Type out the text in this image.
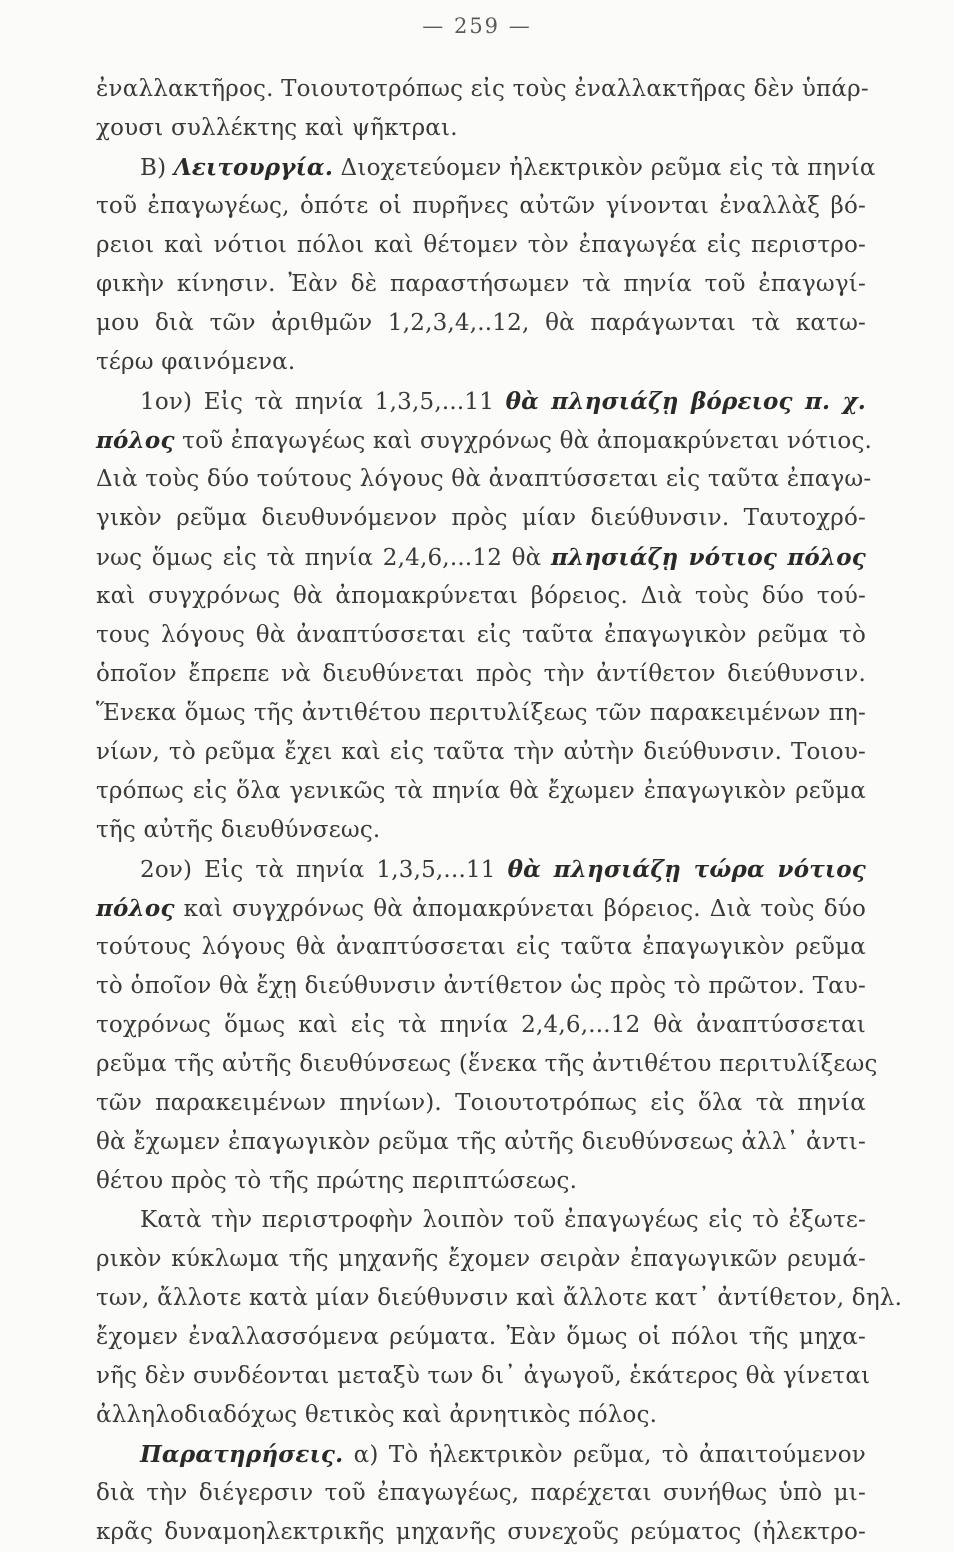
— 259 —
ἐναλλακτῆρος. Τοιουτοτρόπως εἰς τοὺς ἐναλλακτῆρας δὲν ὑπάρ-
χουσι συλλέκτης καὶ ψῆκτραι.
Β) Λειτουργία. Διοχετεύομεν ἠλεκτρικὸν ρεῦμα εἰς τὰ πηνία
τοῦ ἐπαγωγέως, ὁπότε οἱ πυρῆνες αὐτῶν γίνονται ἐναλλὰξ βό-
ρειοι καὶ νότιοι πόλοι καὶ θέτομεν τὸν ἐπαγωγέα εἰς περιστρο-
φικὴν κίνησιν. Ἐὰν δὲ παραστήσωμεν τὰ πηνία τοῦ ἐπαγωγί-
μου διὰ τῶν ἀριθμῶν 1,2,3,4,..12, θὰ παράγωνται τὰ κατω-
τέρω φαινόμενα.
1ον) Εἰς τὰ πηνία 1,3,5,...11 θὰ πλησιάζῃ βόρειος π. χ.
πόλος τοῦ ἐπαγωγέως καὶ συγχρόνως θὰ ἀπομακρύνεται νότιος.
Διὰ τοὺς δύο τούτους λόγους θὰ ἀναπτύσσεται εἰς ταῦτα ἐπαγω-
γικὸν ρεῦμα διευθυνόμενον πρὸς μίαν διεύθυνσιν. Ταυτοχρό-
νως ὅμως εἰς τὰ πηνία 2,4,6,...12 θὰ πλησιάζῃ νότιος πόλος
καὶ συγχρόνως θὰ ἀπομακρύνεται βόρειος. Διὰ τοὺς δύο τού-
τους λόγους θὰ ἀναπτύσσεται εἰς ταῦτα ἐπαγωγικὸν ρεῦμα τὸ
ὁποῖον ἔπρεπε νὰ διευθύνεται πρὸς τὴν ἀντίθετον διεύθυνσιν.
Ἕνεκα ὅμως τῆς ἀντιθέτου περιτυλίξεως τῶν παρακειμένων πη-
νίων, τὸ ρεῦμα ἔχει καὶ εἰς ταῦτα τὴν αὐτὴν διεύθυνσιν. Τοιου-
τρόπως εἰς ὅλα γενικῶς τὰ πηνία θὰ ἔχωμεν ἐπαγωγικὸν ρεῦμα
τῆς αὐτῆς διευθύνσεως.
2ον) Εἰς τὰ πηνία 1,3,5,...11 θὰ πλησιάζῃ τώρα νότιος
πόλος καὶ συγχρόνως θὰ ἀπομακρύνεται βόρειος. Διὰ τοὺς δύο
τούτους λόγους θὰ ἀναπτύσσεται εἰς ταῦτα ἐπαγωγικὸν ρεῦμα
τὸ ὁποῖον θὰ ἔχῃ διεύθυνσιν ἀντίθετον ὡς πρὸς τὸ πρῶτον. Ταυ-
τοχρόνως ὅμως καὶ εἰς τὰ πηνία 2,4,6,...12 θὰ ἀναπτύσσεται
ρεῦμα τῆς αὐτῆς διευθύνσεως (ἕνεκα τῆς ἀντιθέτου περιτυλίξεως
τῶν παρακειμένων πηνίων). Τοιουτοτρόπως εἰς ὅλα τὰ πηνία
θὰ ἔχωμεν ἐπαγωγικὸν ρεῦμα τῆς αὐτῆς διευθύνσεως ἀλλ᾽ ἀντι-
θέτου πρὸς τὸ τῆς πρώτης περιπτώσεως.
Κατὰ τὴν περιστροφὴν λοιπὸν τοῦ ἐπαγωγέως εἰς τὸ ἐξωτε-
ρικὸν κύκλωμα τῆς μηχανῆς ἔχομεν σειρὰν ἐπαγωγικῶν ρευμά-
των, ἄλλοτε κατὰ μίαν διεύθυνσιν καὶ ἄλλοτε κατ᾽ ἀντίθετον, δηλ.
ἔχομεν ἐναλλασσόμενα ρεύματα. Ἐὰν ὅμως οἱ πόλοι τῆς μηχα-
νῆς δὲν συνδέονται μεταξὺ των δι᾽ ἀγωγοῦ, ἑκάτερος θὰ γίνεται
ἀλληλοδιαδόχως θετικὸς καὶ ἀρνητικὸς πόλος.
Παρατηρήσεις. α) Τὸ ἠλεκτρικὸν ρεῦμα, τὸ ἀπαιτούμενον
διὰ τὴν διέγερσιν τοῦ ἐπαγωγέως, παρέχεται συνήθως ὑπὸ μι-
κρᾶς δυναμοηλεκτρικῆς μηχανῆς συνεχοῦς ρεύματος (ἠλεκτρο-
